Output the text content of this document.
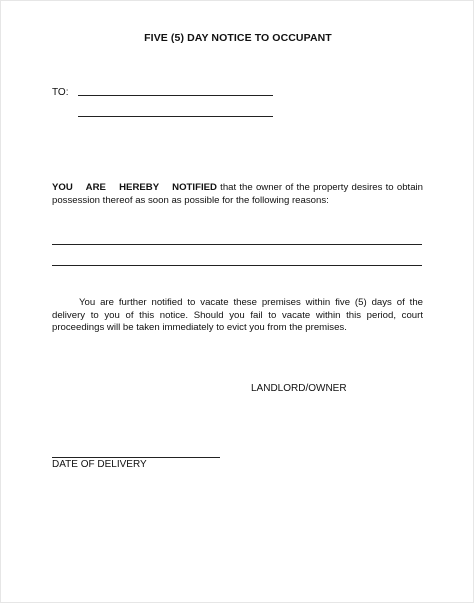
FIVE (5) DAY NOTICE TO OCCUPANT
TO:
YOU ARE HEREBY NOTIFIED that the owner of the property desires to obtain possession thereof as soon as possible for the following reasons:
You are further notified to vacate these premises within five (5) days of the delivery to you of this notice. Should you fail to vacate within this period, court proceedings will be taken immediately to evict you from the premises.
LANDLORD/OWNER
DATE OF DELIVERY
